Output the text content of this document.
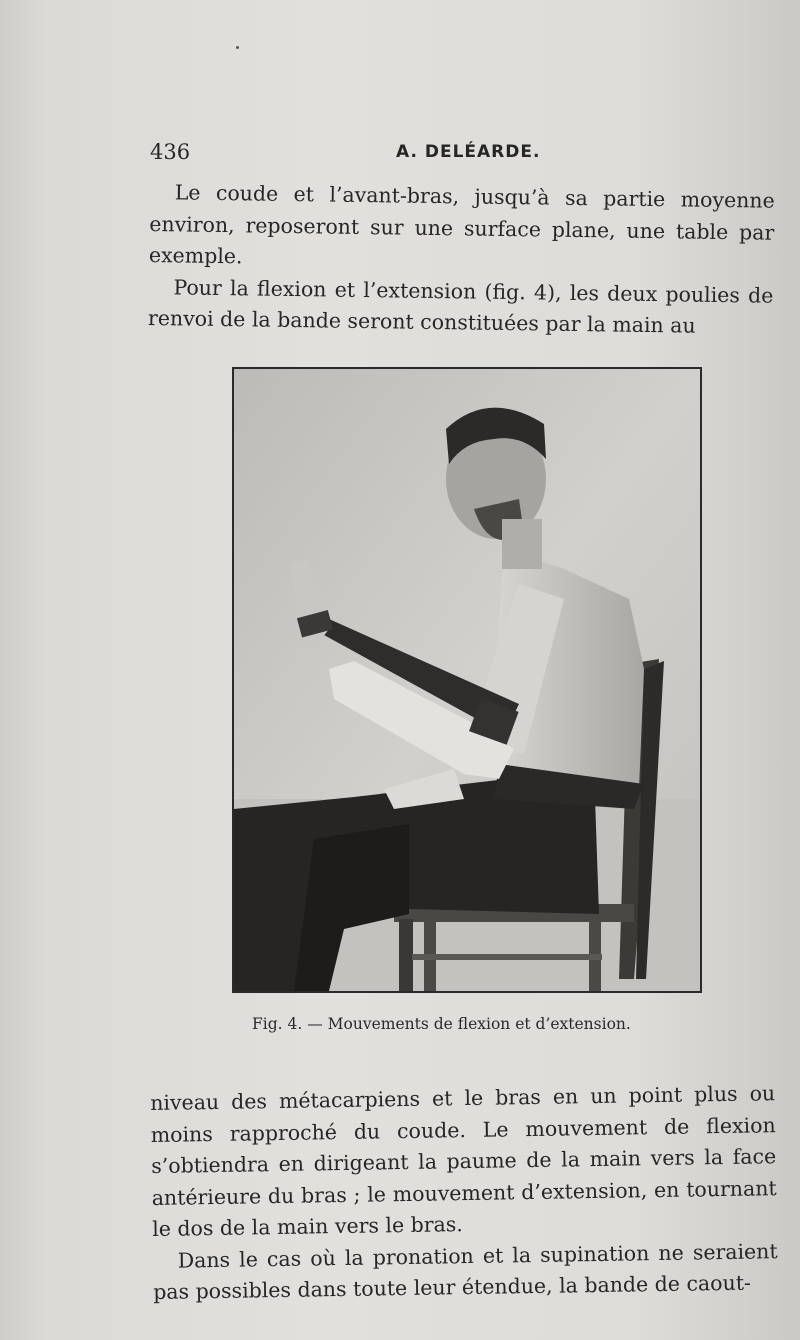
436	A. DELÉARDE.

Le coude et l’avant-bras, jusqu’à sa partie moyenne environ, reposeront sur une surface plane, une table par exemple.

Pour la flexion et l’extension (fig. 4), les deux poulies de renvoi de la bande seront constituées par la main au

Fig. 4. — Mouvements de flexion et d’extension.

niveau des métacarpiens et le bras en un point plus ou moins rapproché du coude. Le mouvement de flexion s’obtiendra en dirigeant la paume de la main vers la face antérieure du bras ; le mouvement d’extension, en tournant le dos de la main vers le bras.

Dans le cas où la pronation et la supination ne seraient pas possibles dans toute leur étendue, la bande de caout-
